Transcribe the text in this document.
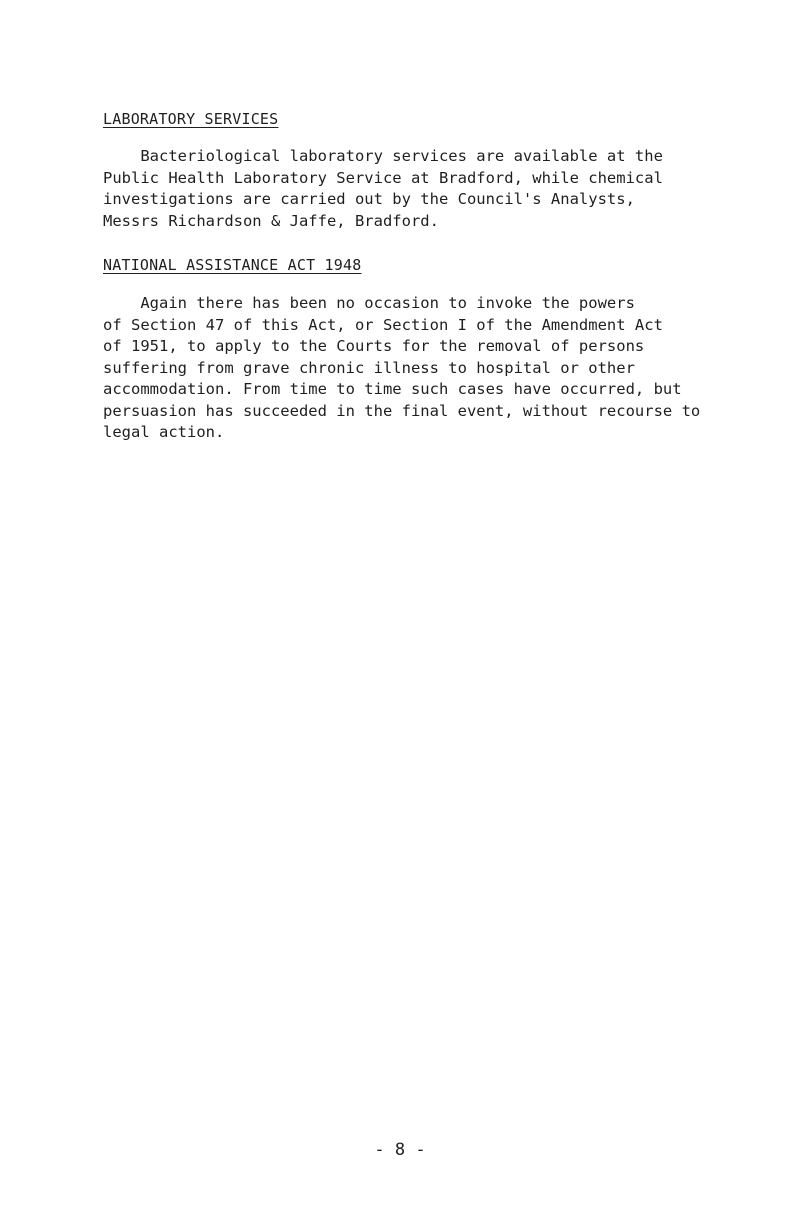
LABORATORY SERVICES

Bacteriological laboratory services are available at the
Public Health Laboratory Service at Bradford, while chemical
investigations are carried out by the Council's Analysts,
Messrs Richardson & Jaffe, Bradford.

NATIONAL ASSISTANCE ACT 1948

Again there has been no occasion to invoke the powers
of Section 47 of this Act, or Section I of the Amendment Act
of 1951, to apply to the Courts for the removal of persons
suffering from grave chronic illness to hospital or other
accommodation. From time to time such cases have occurred, but
persuasion has succeeded in the final event, without recourse to
legal action.

- 8 -
